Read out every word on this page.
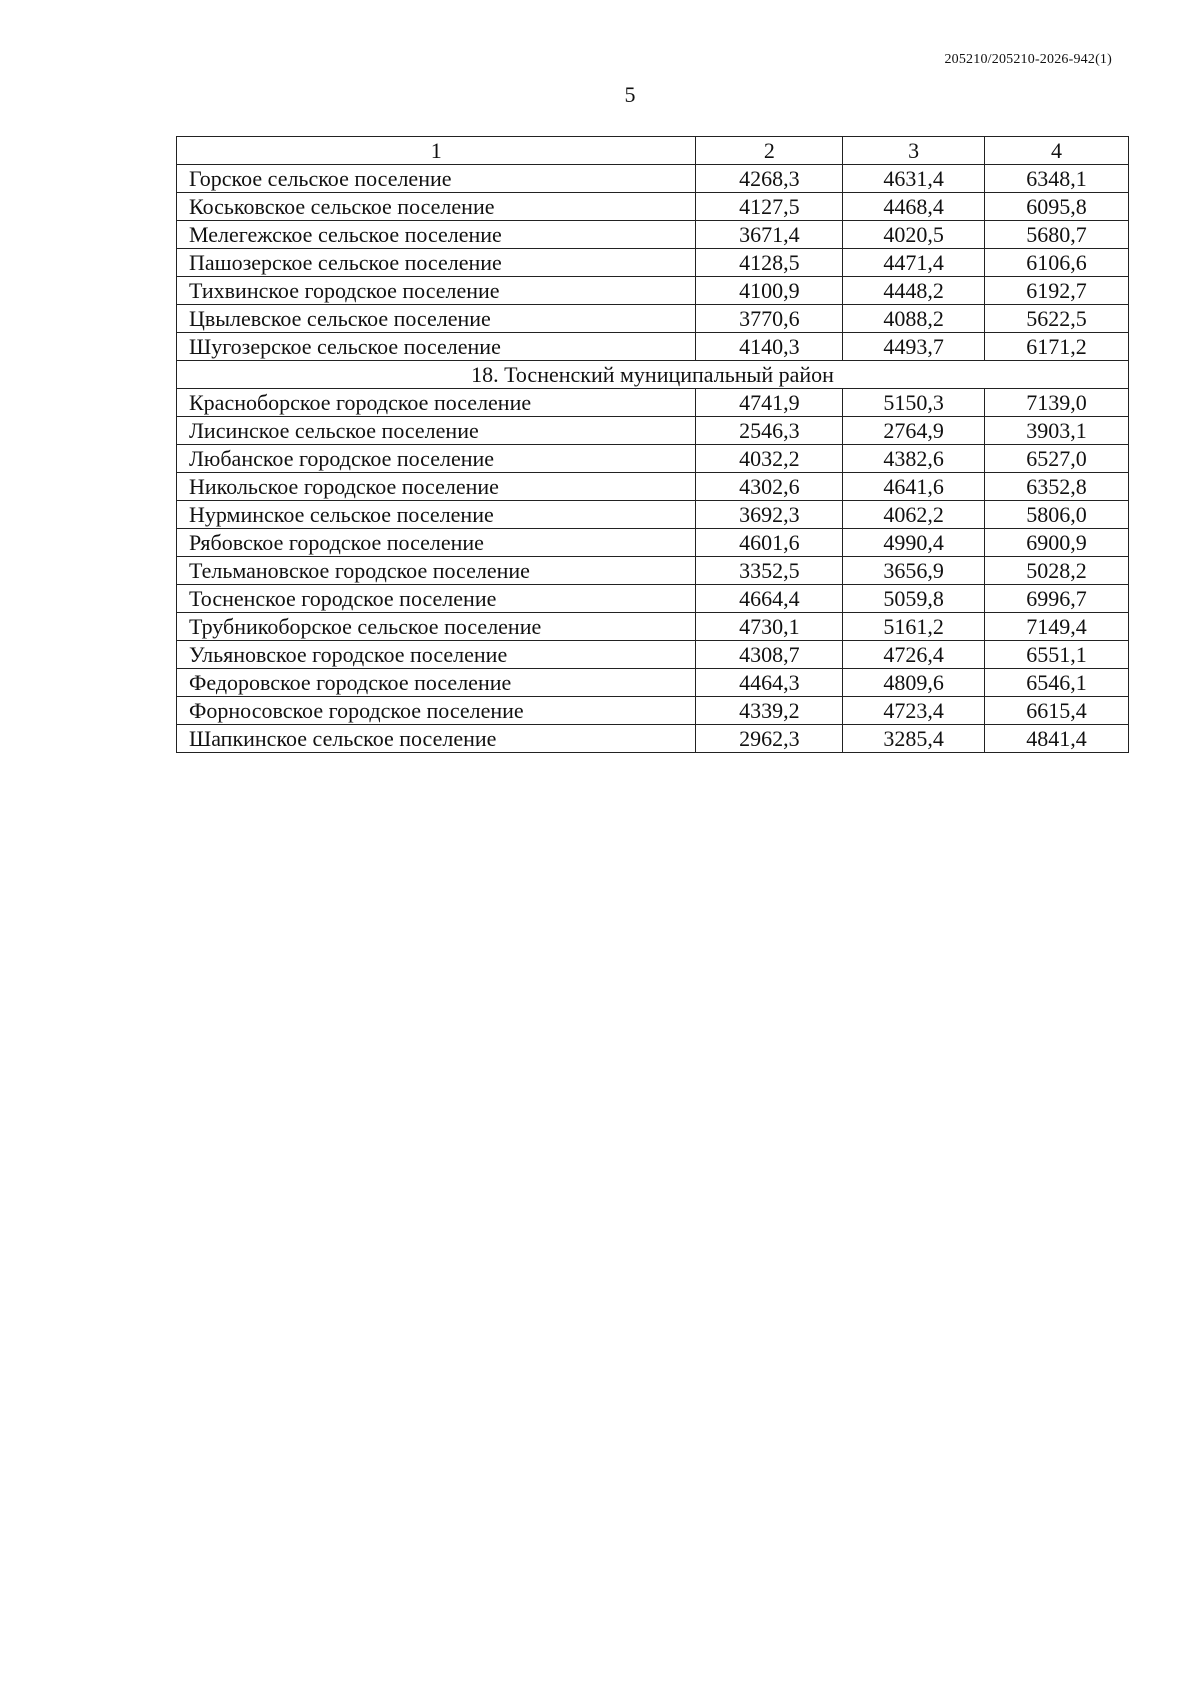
205210/205210-2026-942(1)
5
1	2	3	4
Горское сельское поселение	4268,3	4631,4	6348,1
Коськовское сельское поселение	4127,5	4468,4	6095,8
Мелегежское сельское поселение	3671,4	4020,5	5680,7
Пашозерское сельское поселение	4128,5	4471,4	6106,6
Тихвинское городское поселение	4100,9	4448,2	6192,7
Цвылевское сельское поселение	3770,6	4088,2	5622,5
Шугозерское сельское поселение	4140,3	4493,7	6171,2
18. Тосненский муниципальный район			
Красноборское городское поселение	4741,9	5150,3	7139,0
Лисинское сельское поселение	2546,3	2764,9	3903,1
Любанское городское поселение	4032,2	4382,6	6527,0
Никольское городское поселение	4302,6	4641,6	6352,8
Нурминское сельское поселение	3692,3	4062,2	5806,0
Рябовское городское поселение	4601,6	4990,4	6900,9
Тельмановское городское поселение	3352,5	3656,9	5028,2
Тосненское городское поселение	4664,4	5059,8	6996,7
Трубникоборское сельское поселение	4730,1	5161,2	7149,4
Ульяновское городское поселение	4308,7	4726,4	6551,1
Федоровское городское поселение	4464,3	4809,6	6546,1
Форносовское городское поселение	4339,2	4723,4	6615,4
Шапкинское сельское поселение	2962,3	3285,4	4841,4
